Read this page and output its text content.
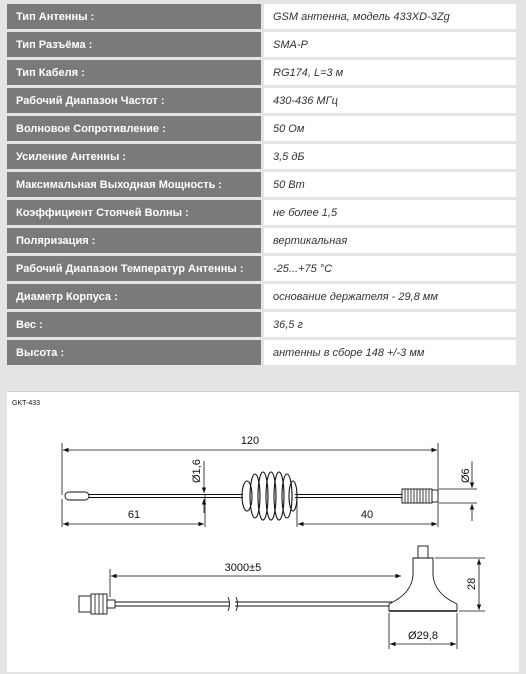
Тип Антенны :	GSM антенна, модель 433XD-3Zg
Тип Разъёма :	SMA-P
Тип Кабеля :	RG174, L=3 м
Рабочий Диапазон Частот :	430-436 МГц
Волновое Сопротивление :	50 Ом
Усиление Антенны :	3,5 дБ
Максимальная Выходная Мощность :	50 Вт
Коэффициент Стоячей Волны :	не более 1,5
Поляризация :	вертикальная
Рабочий Диапазон Температур Антенны :	-25...+75 °С
Диаметр Корпуса :	основание держателя - 29,8 мм
Вес :	36,5 г
Высота :	антенны в сборе 148 +/-3 мм
GKT-433
120
Ø1,6	Ø6
61	40
3000±5
28
Ø29,8
